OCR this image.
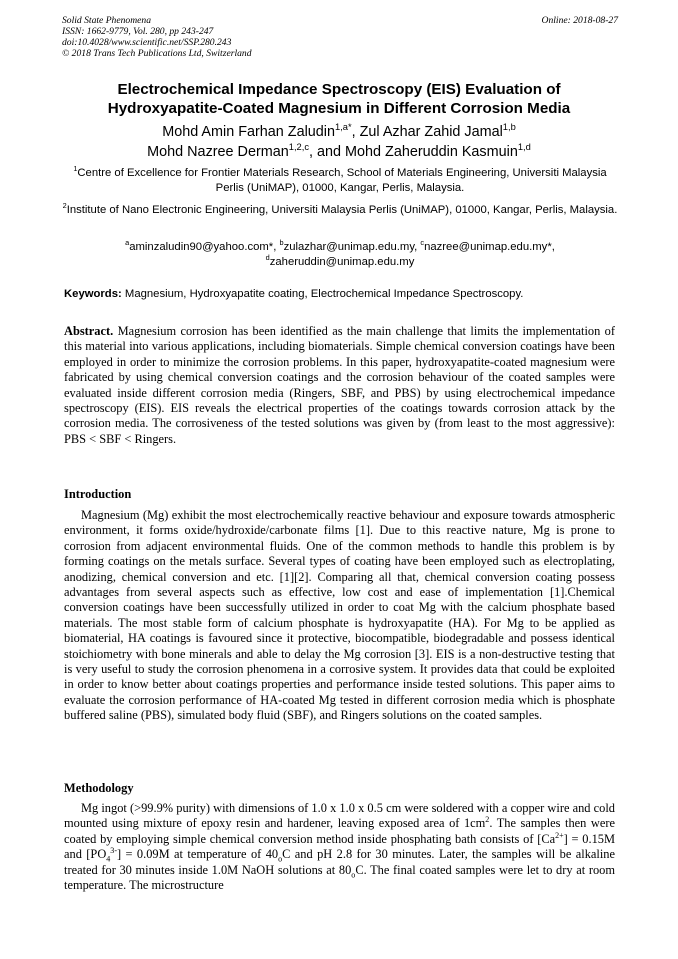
Solid State Phenomena
ISSN: 1662-9779, Vol. 280, pp 243-247
doi:10.4028/www.scientific.net/SSP.280.243
© 2018 Trans Tech Publications Ltd, Switzerland
Online: 2018-08-27
Electrochemical Impedance Spectroscopy (EIS) Evaluation of
Hydroxyapatite-Coated Magnesium in Different Corrosion Media
Mohd Amin Farhan Zaludin$^{1,a*}$, Zul Azhar Zahid Jamal$^{1,b}$
Mohd Nazree Derman$^{1,2,c}$, and Mohd Zaheruddin Kasmuin$^{1,d}$
$^1$Centre of Excellence for Frontier Materials Research, School of Materials Engineering, Universiti Malaysia Perlis (UniMAP), 01000, Kangar, Perlis, Malaysia.
$^2$Institute of Nano Electronic Engineering, Universiti Malaysia Perlis (UniMAP), 01000, Kangar, Perlis, Malaysia.
$^a$aminzaludin90@yahoo.com*, $^b$zulazhar@unimap.edu.my, $^c$nazree@unimap.edu.my*, $^d$zaheruddin@unimap.edu.my
Keywords: Magnesium, Hydroxyapatite coating, Electrochemical Impedance Spectroscopy.
Abstract. Magnesium corrosion has been identified as the main challenge that limits the implementation of this material into various applications, including biomaterials. Simple chemical conversion coatings have been employed in order to minimize the corrosion problems. In this paper, hydroxyapatite-coated magnesium were fabricated by using chemical conversion coatings and the corrosion behaviour of the coated samples were evaluated inside different corrosion media (Ringers, SBF, and PBS) by using electrochemical impedance spectroscopy (EIS). EIS reveals the electrical properties of the coatings towards corrosion attack by the corrosion media. The corrosiveness of the tested solutions was given by (from least to the most aggressive): PBS < SBF < Ringers.
Introduction
Magnesium (Mg) exhibit the most electrochemically reactive behaviour and exposure towards atmospheric environment, it forms oxide/hydroxide/carbonate films [1]. Due to this reactive nature, Mg is prone to corrosion from adjacent environmental fluids. One of the common methods to handle this problem is by forming coatings on the metals surface. Several types of coating have been employed such as electroplating, anodizing, chemical conversion and etc. [1][2]. Comparing all that, chemical conversion coating possess advantages from several aspects such as effective, low cost and ease of implementation [1].Chemical conversion coatings have been successfully utilized in order to coat Mg with the calcium phosphate based materials. The most stable form of calcium phosphate is hydroxyapatite (HA). For Mg to be applied as biomaterial, HA coatings is favoured since it protective, biocompatible, biodegradable and possess identical stoichiometry with bone minerals and able to delay the Mg corrosion [3]. EIS is a non-destructive testing that is very useful to study the corrosion phenomena in a corrosive system. It provides data that could be exploited in order to know better about coatings properties and performance inside tested solutions. This paper aims to evaluate the corrosion performance of HA-coated Mg tested in different corrosion media which is phosphate buffered saline (PBS), simulated body fluid (SBF), and Ringers solutions on the coated samples.
Methodology
Mg ingot (>99.9% purity) with dimensions of 1.0 x 1.0 x 0.5 cm were soldered with a copper wire and cold mounted using mixture of epoxy resin and hardener, leaving exposed area of $1cm^2$. The samples then were coated by employing simple chemical conversion method inside phosphating bath consists of $[Ca^{2+}] = 0.15M$ and $[PO_4^{3-}] = 0.09M$ at temperature of $40_oC$ and pH 2.8 for 30 minutes. Later, the samples will be alkaline treated for 30 minutes inside 1.0M NaOH solutions at $80_oC$. The final coated samples were let to dry at room temperature. The microstructure
